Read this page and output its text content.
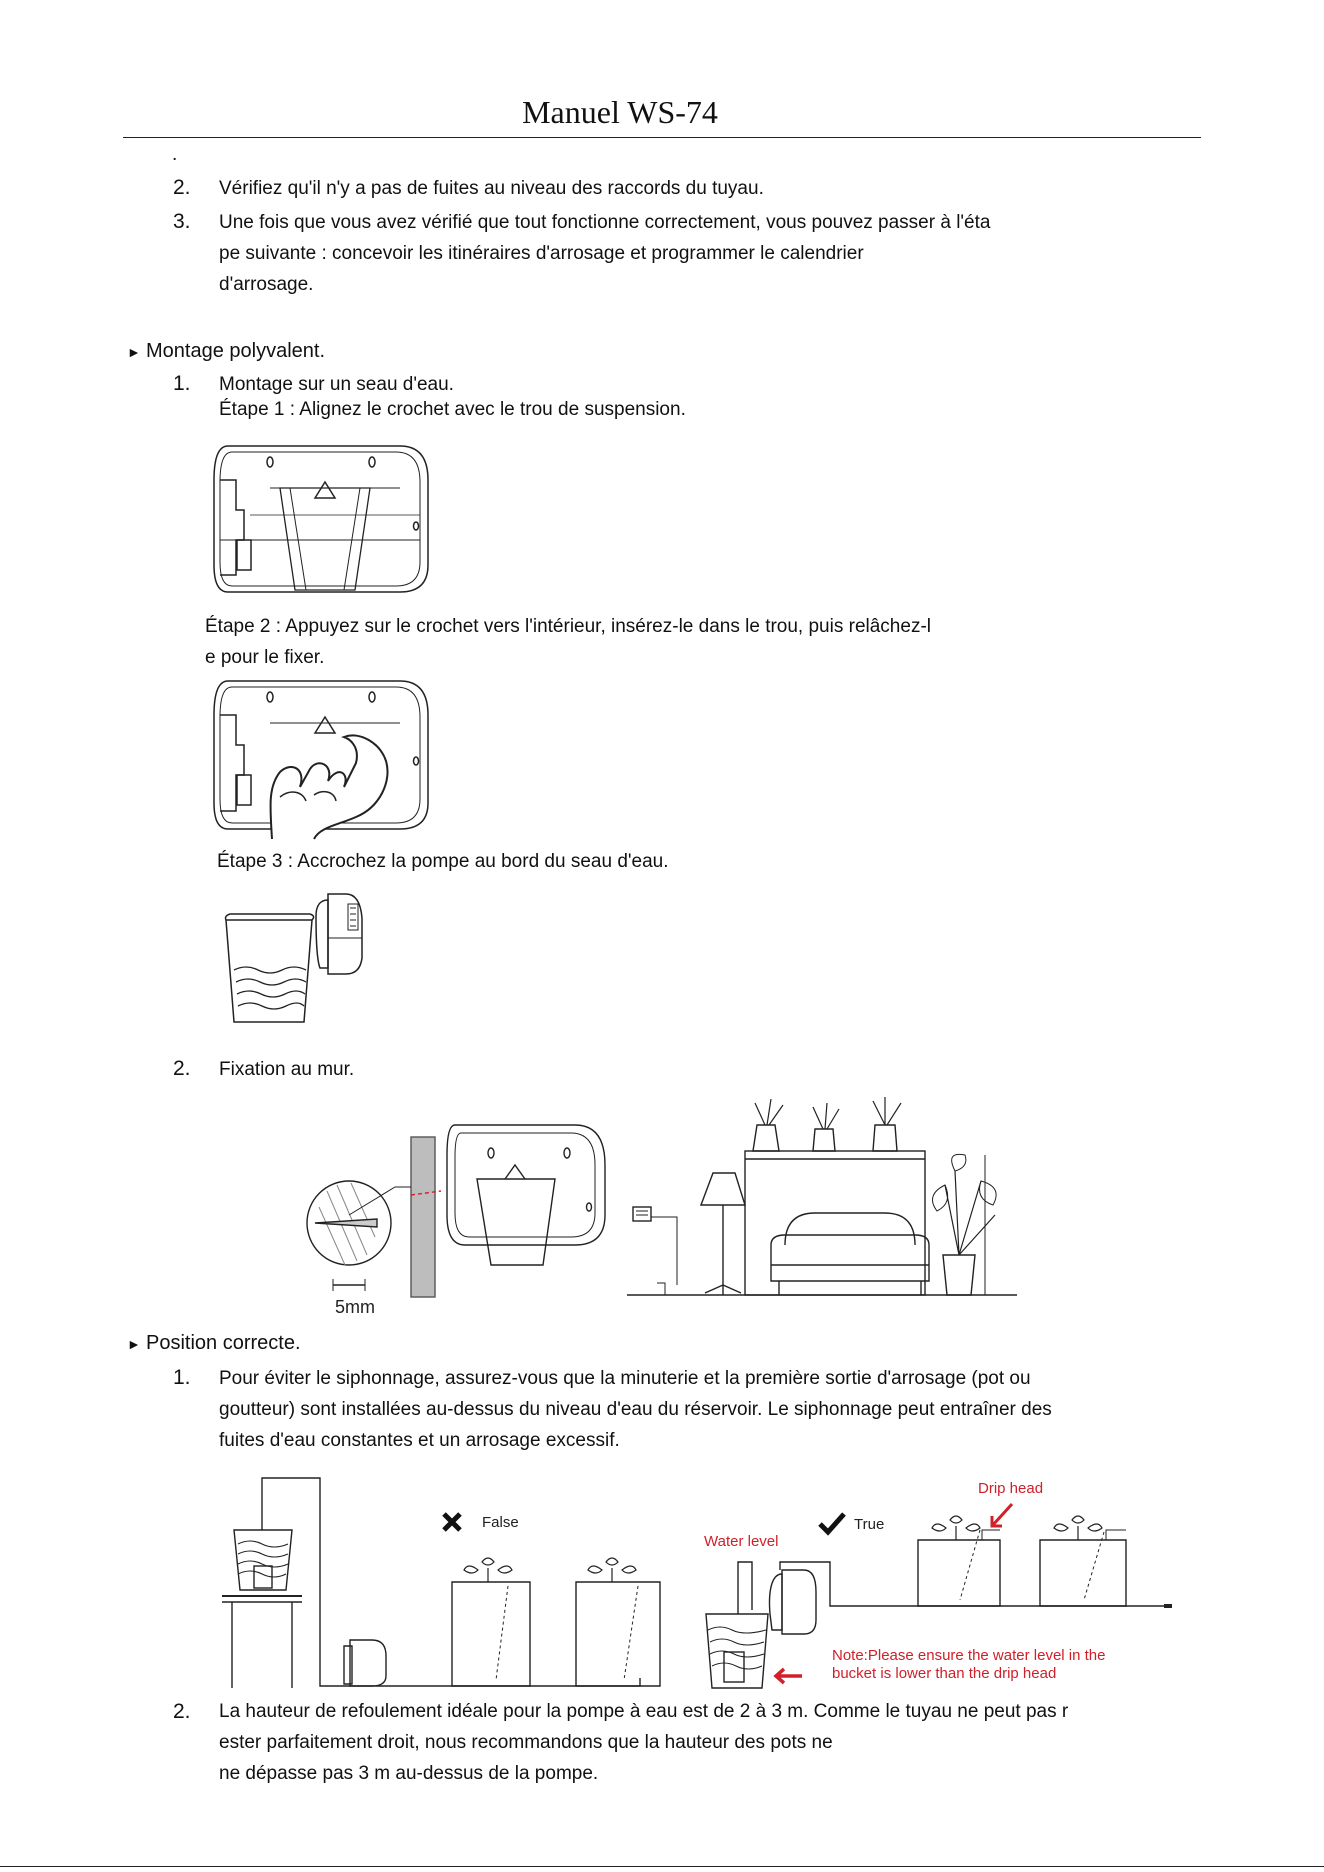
Manuel WS-74
.
2. Vérifiez qu'il n'y a pas de fuites au niveau des raccords du tuyau.
3. Une fois que vous avez vérifié que tout fonctionne correctement, vous pouvez passer à l'éta
pe suivante : concevoir les itinéraires d'arrosage et programmer le calendrier
d'arrosage.
► Montage polyvalent.
1. Montage sur un seau d'eau.
Étape 1 : Alignez le crochet avec le trou de suspension.
Étape 2 : Appuyez sur le crochet vers l'intérieur, insérez-le dans le trou, puis relâchez-l
e pour le fixer.
Étape 3 : Accrochez la pompe au bord du seau d'eau.
2. Fixation au mur.
5mm
► Position correcte.
1. Pour éviter le siphonnage, assurez-vous que la minuterie et la première sortie d'arrosage (pot ou
goutteur) sont installées au-dessus du niveau d'eau du réservoir. Le siphonnage peut entraîner des
fuites d'eau constantes et un arrosage excessif.
False	True
Drip head
Water level
Note:Please ensure the water level in the
bucket is lower than the drip head
2. La hauteur de refoulement idéale pour la pompe à eau est de 2 à 3 m. Comme le tuyau ne peut pas r
ester parfaitement droit, nous recommandons que la hauteur des pots ne
ne dépasse pas 3 m au-dessus de la pompe.
